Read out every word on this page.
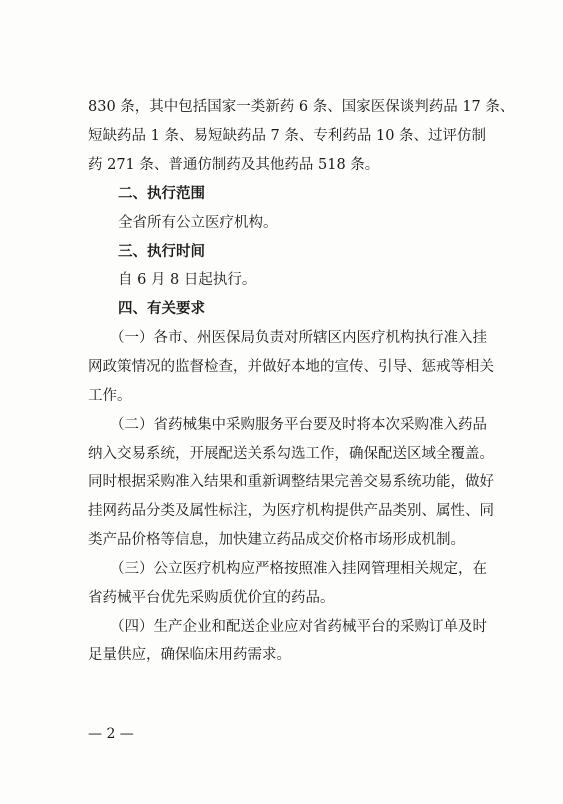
830 条，其中包括国家一类新药 6 条、国家医保谈判药品 17 条、
短缺药品 1 条、易短缺药品 7 条、专利药品 10 条、过评仿制
药 271 条、普通仿制药及其他药品 518 条。
二、执行范围
全省所有公立医疗机构。
三、执行时间
自 6 月 8 日起执行。
四、有关要求
（一）各市、州医保局负责对所辖区内医疗机构执行准入挂
网政策情况的监督检查，并做好本地的宣传、引导、惩戒等相关
工作。
（二）省药械集中采购服务平台要及时将本次采购准入药品
纳入交易系统，开展配送关系勾选工作，确保配送区域全覆盖。
同时根据采购准入结果和重新调整结果完善交易系统功能，做好
挂网药品分类及属性标注，为医疗机构提供产品类别、属性、同
类产品价格等信息，加快建立药品成交价格市场形成机制。
（三）公立医疗机构应严格按照准入挂网管理相关规定，在
省药械平台优先采购质优价宜的药品。
（四）生产企业和配送企业应对省药械平台的采购订单及时
足量供应，确保临床用药需求。
— 2 —
